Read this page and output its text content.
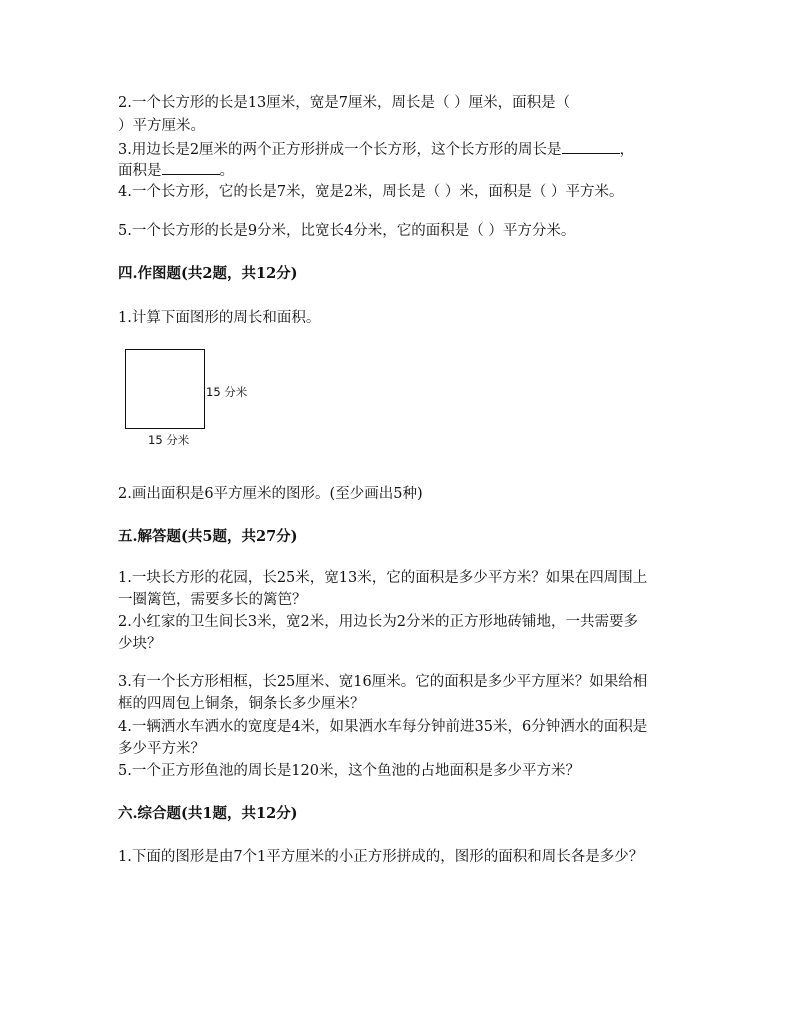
2.一个长方形的长是13厘米，宽是7厘米，周长是（ ）厘米，面积是（
）平方厘米。
3.用边长是2厘米的两个正方形拼成一个长方形，这个长方形的周长是	，
面积是	。
4.一个长方形，它的长是7米，宽是2米，周长是（ ）米，面积是（ ）平方米。
5.一个长方形的长是9分米，比宽长4分米，它的面积是（ ）平方分米。
四.作图题(共2题，共12分)
1.计算下面图形的周长和面积。
15 分米
15 分米
2.画出面积是6平方厘米的图形。(至少画出5种)
五.解答题(共5题，共27分)
1.一块长方形的花园，长25米，宽13米，它的面积是多少平方米？如果在四周围上
一圈篱笆，需要多长的篱笆？
2.小红家的卫生间长3米，宽2米，用边长为2分米的正方形地砖铺地，一共需要多
少块？
3.有一个长方形相框，长25厘米、宽16厘米。它的面积是多少平方厘米？如果给相
框的四周包上铜条，铜条长多少厘米？
4.一辆洒水车洒水的宽度是4米，如果洒水车每分钟前进35米，6分钟洒水的面积是
多少平方米？
5.一个正方形鱼池的周长是120米，这个鱼池的占地面积是多少平方米？
六.综合题(共1题，共12分)
1.下面的图形是由7个1平方厘米的小正方形拼成的，图形的面积和周长各是多少？
